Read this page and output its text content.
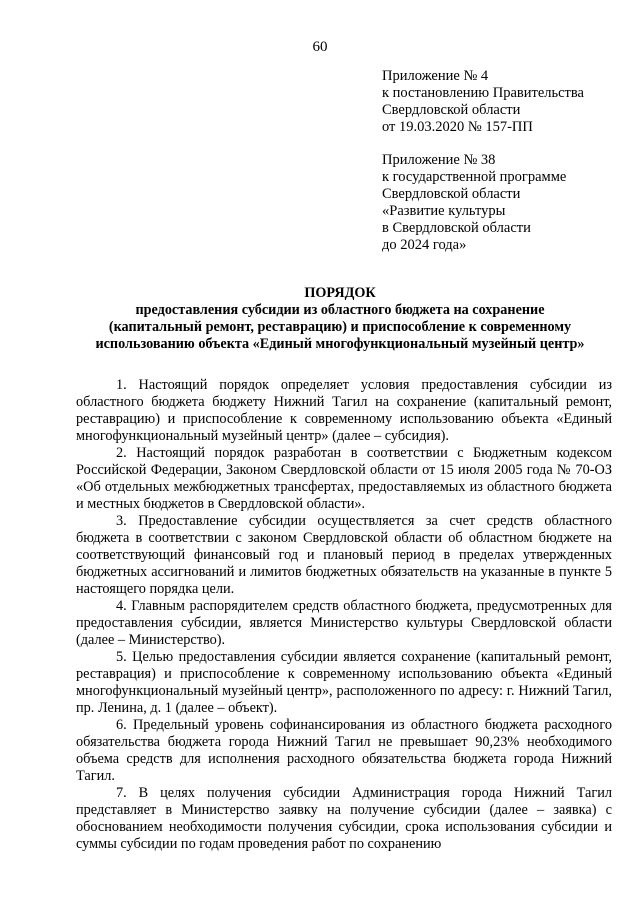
60
Приложение № 4
к постановлению Правительства
Свердловской области
от 19.03.2020 № 157-ПП
Приложение № 38
к государственной программе
Свердловской области
«Развитие культуры
в Свердловской области
до 2024 года»
ПОРЯДОК
предоставления субсидии из областного бюджета на сохранение
(капитальный ремонт, реставрацию) и приспособление к современному
использованию объекта «Единый многофункциональный музейный центр»

1. Настоящий порядок определяет условия предоставления субсидии из областного бюджета бюджету Нижний Тагил на сохранение (капитальный ремонт, реставрацию) и приспособление к современному использованию объекта «Единый многофункциональный музейный центр» (далее – субсидия).

2. Настоящий порядок разработан в соответствии с Бюджетным кодексом Российской Федерации, Законом Свердловской области от 15 июля 2005 года № 70-ОЗ «Об отдельных межбюджетных трансфертах, предоставляемых из областного бюджета и местных бюджетов в Свердловской области».

3. Предоставление субсидии осуществляется за счет средств областного бюджета в соответствии с законом Свердловской области об областном бюджете на соответствующий финансовый год и плановый период в пределах утвержденных бюджетных ассигнований и лимитов бюджетных обязательств на указанные в пункте 5 настоящего порядка цели.

4. Главным распорядителем средств областного бюджета, предусмотренных для предоставления субсидии, является Министерство культуры Свердловской области (далее – Министерство).

5. Целью предоставления субсидии является сохранение (капитальный ремонт, реставрация) и приспособление к современному использованию объекта «Единый многофункциональный музейный центр», расположенного по адресу: г. Нижний Тагил, пр. Ленина, д. 1 (далее – объект).

6. Предельный уровень софинансирования из областного бюджета расходного обязательства бюджета города Нижний Тагил не превышает 90,23% необходимого объема средств для исполнения расходного обязательства бюджета города Нижний Тагил.

7. В целях получения субсидии Администрация города Нижний Тагил представляет в Министерство заявку на получение субсидии (далее – заявка) с обоснованием необходимости получения субсидии, срока использования субсидии и суммы субсидии по годам проведения работ по сохранению
